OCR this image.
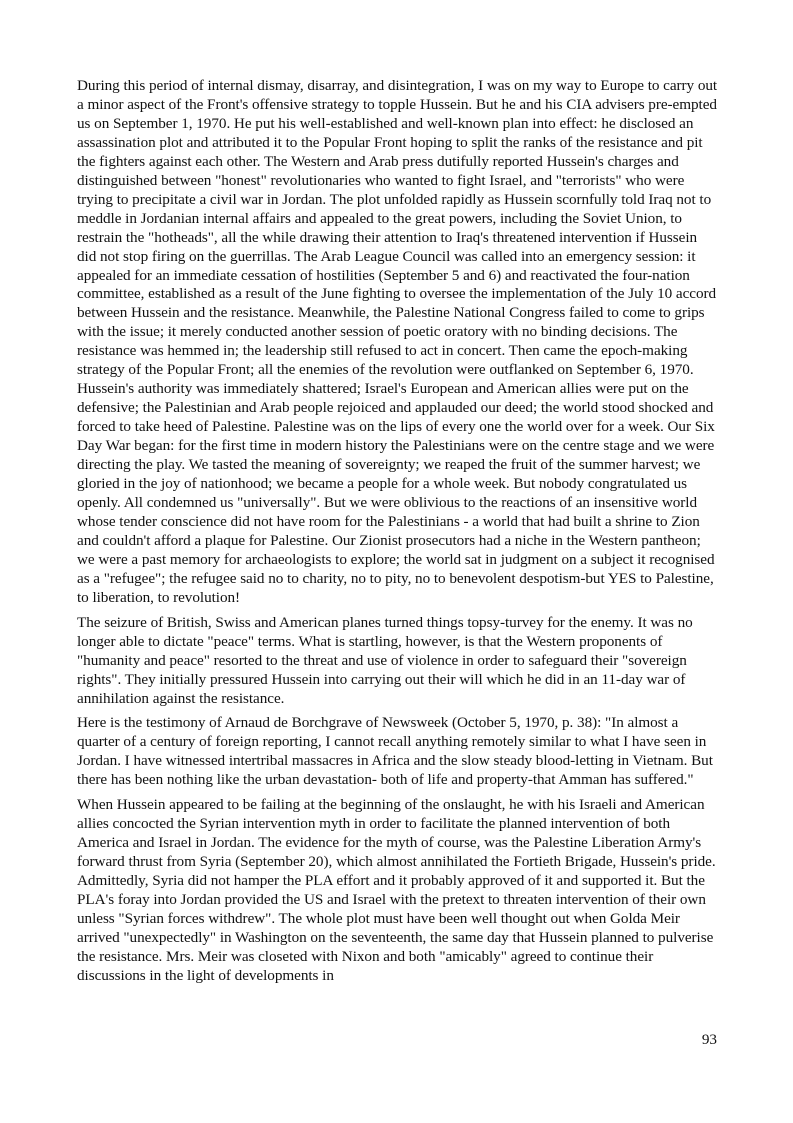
During this period of internal dismay, disarray, and disintegration, I was on my way to Europe to carry out a minor aspect of the Front's offensive strategy to topple Hussein. But he and his CIA advisers pre-empted us on September 1, 1970. He put his well-established and well-known plan into effect: he disclosed an assassination plot and attributed it to the Popular Front hoping to split the ranks of the resistance and pit the fighters against each other. The Western and Arab press dutifully reported Hussein's charges and distinguished between "honest" revolutionaries who wanted to fight Israel, and "terrorists" who were trying to precipitate a civil war in Jordan. The plot unfolded rapidly as Hussein scornfully told Iraq not to meddle in Jordanian internal affairs and appealed to the great powers, including the Soviet Union, to restrain the "hotheads", all the while drawing their attention to Iraq's threatened intervention if Hussein did not stop firing on the guerrillas. The Arab League Council was called into an emergency session: it appealed for an immediate cessation of hostilities (September 5 and 6) and reactivated the four-nation committee, established as a result of the June fighting to oversee the implementation of the July 10 accord between Hussein and the resistance. Meanwhile, the Palestine National Congress failed to come to grips with the issue; it merely conducted another session of poetic oratory with no binding decisions. The resistance was hemmed in; the leadership still refused to act in concert. Then came the epoch-making strategy of the Popular Front; all the enemies of the revolution were outflanked on September 6, 1970. Hussein's authority was immediately shattered; Israel's European and American allies were put on the defensive; the Palestinian and Arab people rejoiced and applauded our deed; the world stood shocked and forced to take heed of Palestine. Palestine was on the lips of every one the world over for a week. Our Six Day War began: for the first time in modern history the Palestinians were on the centre stage and we were directing the play. We tasted the meaning of sovereignty; we reaped the fruit of the summer harvest; we gloried in the joy of nationhood; we became a people for a whole week. But nobody congratulated us openly. All condemned us "universally". But we were oblivious to the reactions of an insensitive world whose tender conscience did not have room for the Palestinians - a world that had built a shrine to Zion and couldn't afford a plaque for Palestine. Our Zionist prosecutors had a niche in the Western pantheon; we were a past memory for archaeologists to explore; the world sat in judgment on a subject it recognised as a "refugee"; the refugee said no to charity, no to pity, no to benevolent despotism-but YES to Palestine, to liberation, to revolution!

The seizure of British, Swiss and American planes turned things topsy-turvey for the enemy. It was no longer able to dictate "peace" terms. What is startling, however, is that the Western proponents of "humanity and peace" resorted to the threat and use of violence in order to safeguard their "sovereign rights". They initially pressured Hussein into carrying out their will which he did in an 11-day war of annihilation against the resistance.

Here is the testimony of Arnaud de Borchgrave of Newsweek (October 5, 1970, p. 38): "In almost a quarter of a century of foreign reporting, I cannot recall anything remotely similar to what I have seen in Jordan. I have witnessed intertribal massacres in Africa and the slow steady blood-letting in Vietnam. But there has been nothing like the urban devastation- both of life and property-that Amman has suffered."

When Hussein appeared to be failing at the beginning of the onslaught, he with his Israeli and American allies concocted the Syrian intervention myth in order to facilitate the planned intervention of both America and Israel in Jordan. The evidence for the myth of course, was the Palestine Liberation Army's forward thrust from Syria (September 20), which almost annihilated the Fortieth Brigade, Hussein's pride. Admittedly, Syria did not hamper the PLA effort and it probably approved of it and supported it. But the PLA's foray into Jordan provided the US and Israel with the pretext to threaten intervention of their own unless "Syrian forces withdrew". The whole plot must have been well thought out when Golda Meir arrived "unexpectedly" in Washington on the seventeenth, the same day that Hussein planned to pulverise the resistance. Mrs. Meir was closeted with Nixon and both "amicably" agreed to continue their discussions in the light of developments in

93
